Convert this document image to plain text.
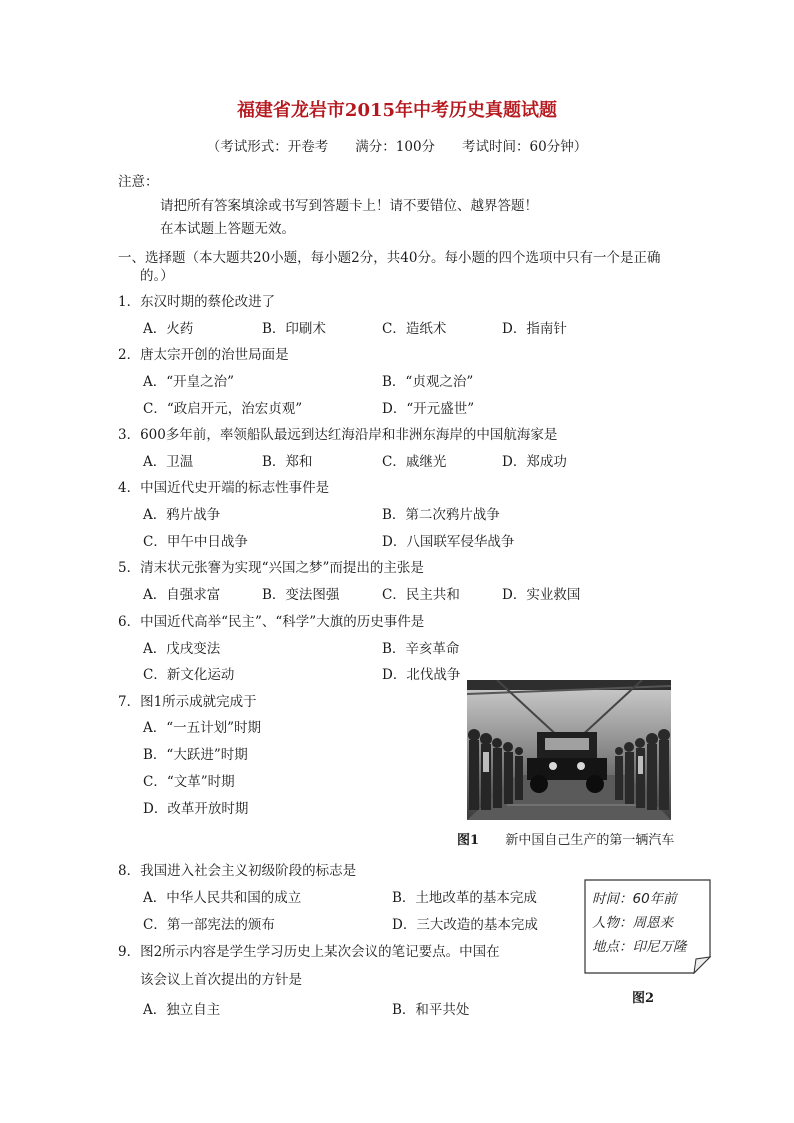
福建省龙岩市2015年中考历史真题试题
（考试形式：开卷考　　满分：100分　　考试时间：60分钟）
注意：
请把所有答案填涂或书写到答题卡上！请不要错位、越界答题！
在本试题上答题无效。
一、选择题（本大题共20小题，每小题2分，共40分。每小题的四个选项中只有一个是正确
的。）
1．东汉时期的蔡伦改进了
A．火药	B．印刷术	C．造纸术	D．指南针
2．唐太宗开创的治世局面是
A．“开皇之治”	B．“贞观之治”
C．“政启开元，治宏贞观”	D．“开元盛世”
3．600多年前，率领船队最远到达红海沿岸和非洲东海岸的中国航海家是
A．卫温	B．郑和	C．戚继光	D．郑成功
4．中国近代史开端的标志性事件是
A．鸦片战争	B．第二次鸦片战争
C．甲午中日战争	D．八国联军侵华战争
5．清末状元张謇为实现“兴国之梦”而提出的主张是
A．自强求富	B．变法图强	C．民主共和	D．实业救国
6．中国近代高举“民主”、“科学”大旗的历史事件是
A．戊戌变法	B．辛亥革命
C．新文化运动	D．北伐战争
7．图1所示成就完成于
A．“一五计划”时期
B．“大跃进”时期
C．“文革”时期
D．改革开放时期
图1 新中国自己生产的第一辆汽车
8．我国进入社会主义初级阶段的标志是
A．中华人民共和国的成立	B．土地改革的基本完成
C．第一部宪法的颁布	D．三大改造的基本完成
9．图2所示内容是学生学习历史上某次会议的笔记要点。中国在
该会议上首次提出的方针是
A．独立自主	B．和平共处
时间：60年前
人物：周恩来
地点：印尼万隆
图2
